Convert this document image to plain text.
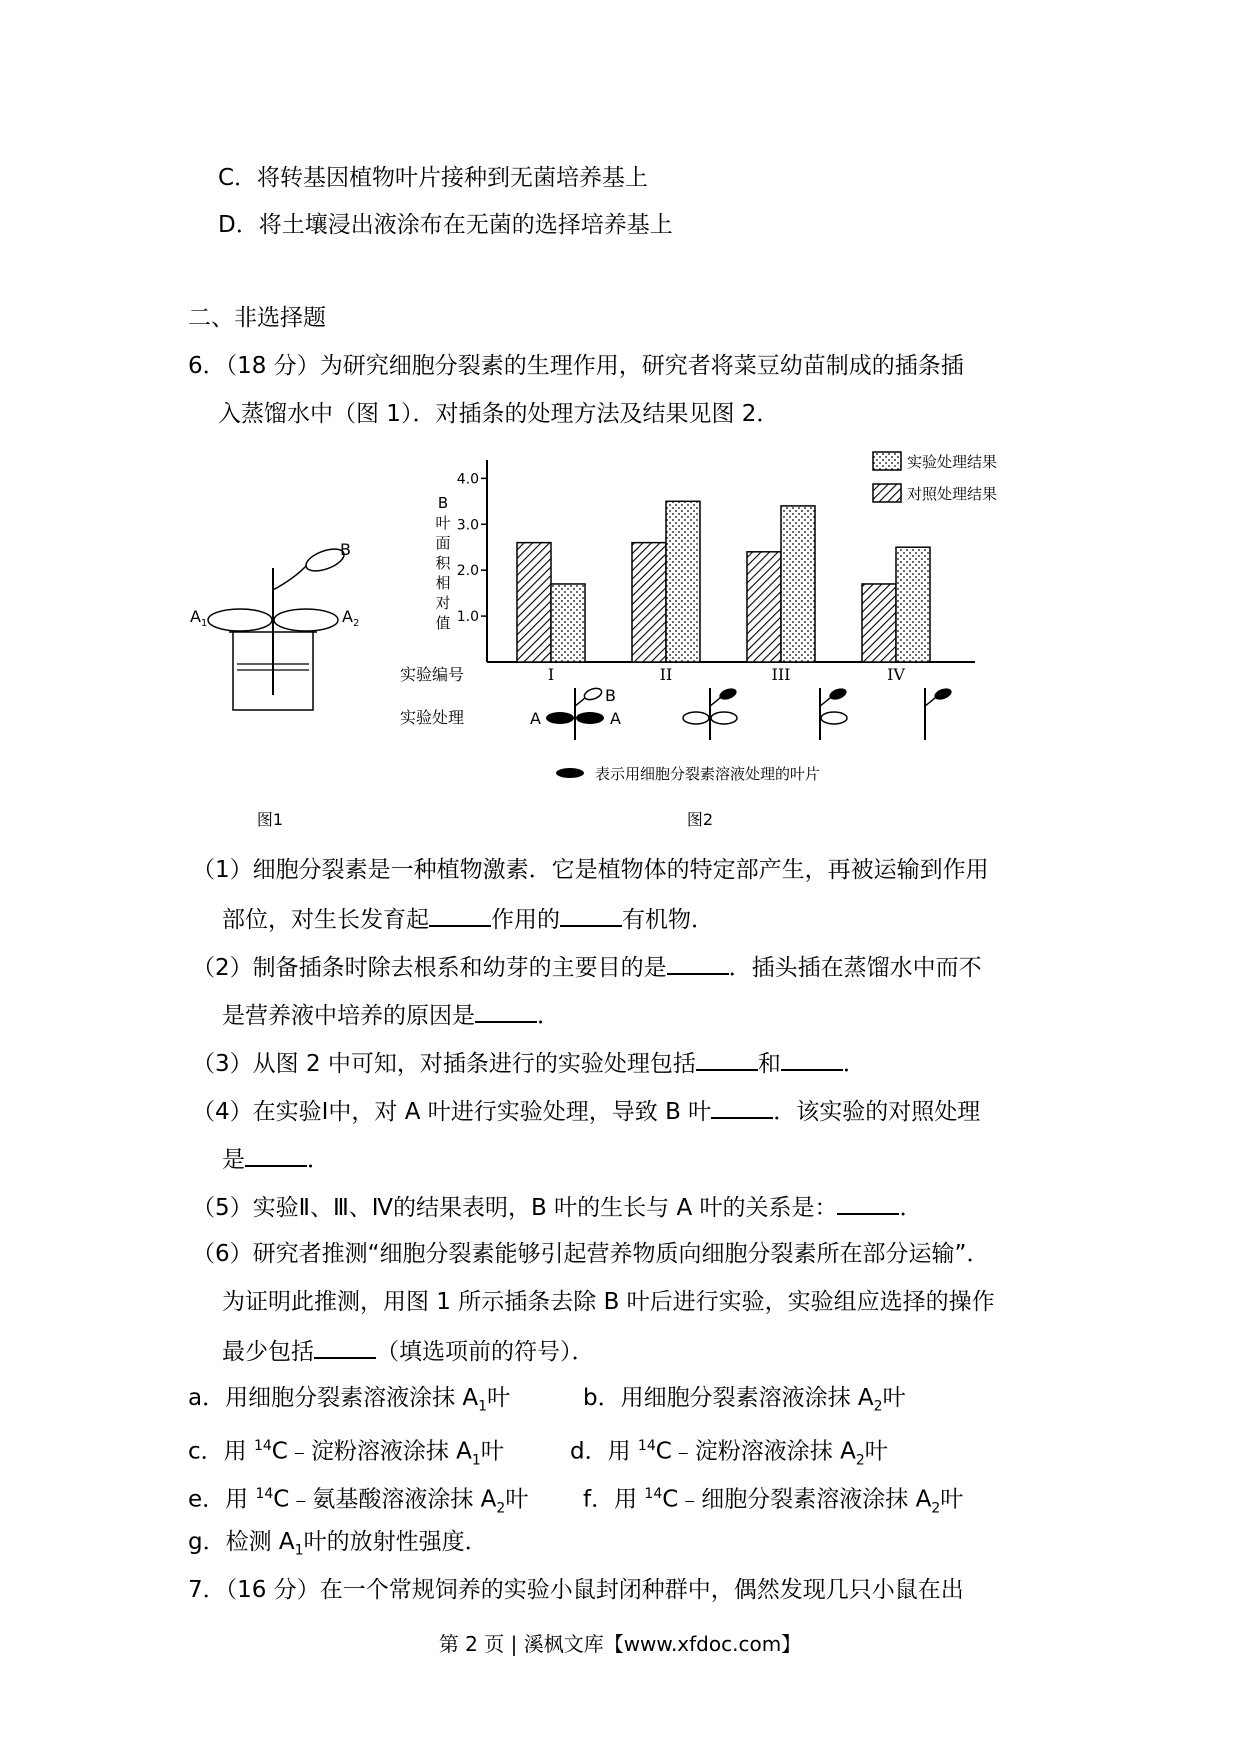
C．将转基因植物叶片接种到无菌培养基上
D．将土壤浸出液涂布在无菌的选择培养基上
二、非选择题
6．（18 分）为研究细胞分裂素的生理作用，研究者将菜豆幼苗制成的插条插
入蒸馏水中（图 1）．对插条的处理方法及结果见图 2．
B
$A_1$	$A_2$
图1
B
叶
面
积
相
对
值 1.0
2.0
3.0
4.0
I	II	III	IV
实验处理结果
对照处理结果
实验编号
实验处理	A	A
B
表示用细胞分裂素溶液处理的叶片
图2
（1）细胞分裂素是一种植物激素．它是植物体的特定部产生，再被运输到作用
部位，对生长发育起	作用的	有机物．
（2）制备插条时除去根系和幼芽的主要目的是	．插头插在蒸馏水中而不
是营养液中培养的原因是	．
（3）从图 2 中可知，对插条进行的实验处理包括	和	．
（4）在实验Ⅰ中，对 A 叶进行实验处理，导致 B 叶	．该实验的对照处理
是	．
（5）实验Ⅱ、Ⅲ、Ⅳ的结果表明，B 叶的生长与 A 叶的关系是：	．
（6）研究者推测“细胞分裂素能够引起营养物质向细胞分裂素所在部分运输”．
为证明此推测，用图 1 所示插条去除 B 叶后进行实验，实验组应选择的操作
最少包括	（填选项前的符号）．
a．用细胞分裂素溶液涂抹 $A_1$叶	b．用细胞分裂素溶液涂抹 $A_2$叶
c．用 $^{14}$C﹣淀粉溶液涂抹 $A_1$叶	d．用 $^{14}$C﹣淀粉溶液涂抹 $A_2$叶
e．用 $^{14}$C﹣氨基酸溶液涂抹 $A_2$叶 f．用 $^{14}$C﹣细胞分裂素溶液涂抹 $A_2$叶
g．检测 $A_1$叶的放射性强度．
7．（16 分）在一个常规饲养的实验小鼠封闭种群中，偶然发现几只小鼠在出
第 2 页 | 溪枫文库【www.xfdoc.com】
